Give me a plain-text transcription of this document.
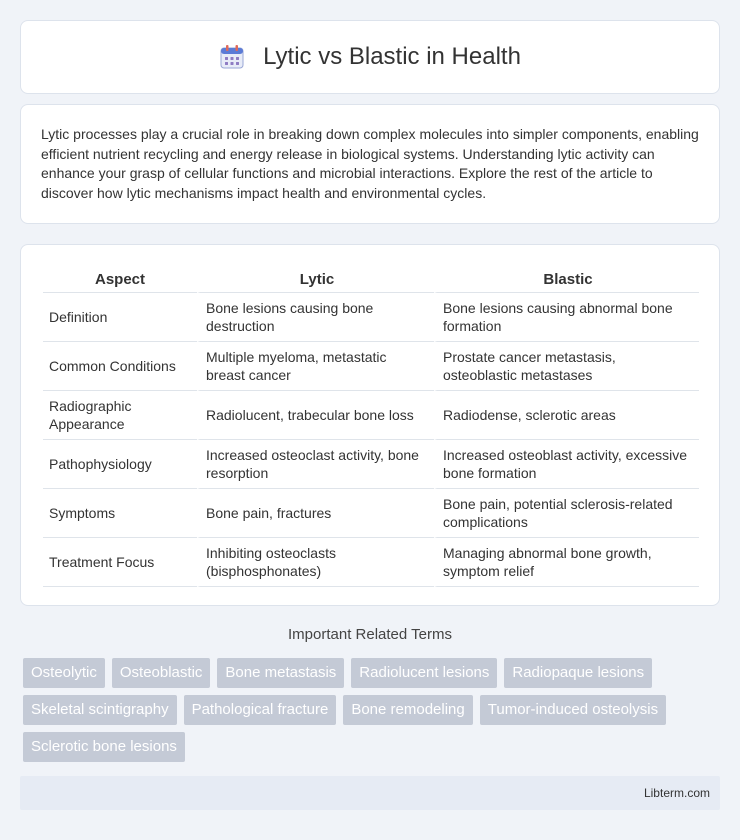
Lytic vs Blastic in Health

Lytic processes play a crucial role in breaking down complex molecules into simpler components, enabling efficient nutrient recycling and energy release in biological systems. Understanding lytic activity can enhance your grasp of cellular functions and microbial interactions. Explore the rest of the article to discover how lytic mechanisms impact health and environmental cycles.

Aspect	Lytic	Blastic
Definition	Bone lesions causing bone destruction	Bone lesions causing abnormal bone formation
Common Conditions	Multiple myeloma, metastatic breast cancer	Prostate cancer metastasis, osteoblastic metastases
Radiographic Appearance	Radiolucent, trabecular bone loss	Radiodense, sclerotic areas
Pathophysiology	Increased osteoclast activity, bone resorption	Increased osteoblast activity, excessive bone formation
Symptoms	Bone pain, fractures	Bone pain, potential sclerosis-related complications
Treatment Focus	Inhibiting osteoclasts (bisphosphonates)	Managing abnormal bone growth, symptom relief
Important Related Terms
Osteolytic	Osteoblastic	Bone metastasis	Radiolucent lesions	Radiopaque lesions
Skeletal scintigraphy	Pathological fracture	Bone remodeling	Tumor-induced osteolysis
Sclerotic bone lesions
Libterm.com
